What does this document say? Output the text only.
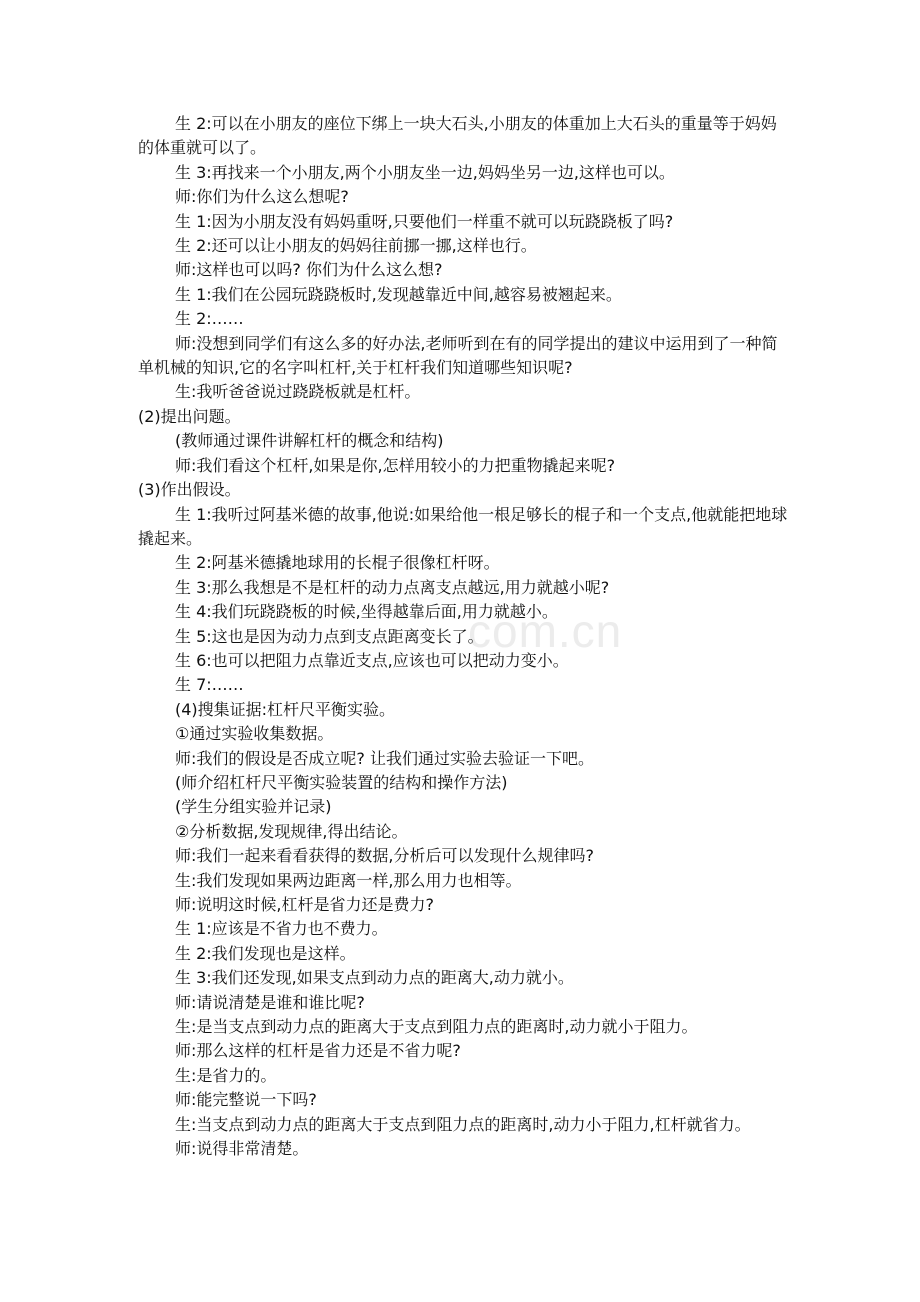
com.cn

生 2:可以在小朋友的座位下绑上一块大石头,小朋友的体重加上大石头的重量等于妈妈的体重就可以了。

生 3:再找来一个小朋友,两个小朋友坐一边,妈妈坐另一边,这样也可以。

师:你们为什么这么想呢?

生 1:因为小朋友没有妈妈重呀,只要他们一样重不就可以玩跷跷板了吗?

生 2:还可以让小朋友的妈妈往前挪一挪,这样也行。

师:这样也可以吗? 你们为什么这么想?

生 1:我们在公园玩跷跷板时,发现越靠近中间,越容易被翘起来。

生 2:……

师:没想到同学们有这么多的好办法,老师听到在有的同学提出的建议中运用到了一种简单机械的知识,它的名字叫杠杆,关于杠杆我们知道哪些知识呢?

生:我听爸爸说过跷跷板就是杠杆。

(2)提出问题。

(教师通过课件讲解杠杆的概念和结构)

师:我们看这个杠杆,如果是你,怎样用较小的力把重物撬起来呢?

(3)作出假设。

生 1:我听过阿基米德的故事,他说:如果给他一根足够长的棍子和一个支点,他就能把地球撬起来。

生 2:阿基米德撬地球用的长棍子很像杠杆呀。

生 3:那么我想是不是杠杆的动力点离支点越远,用力就越小呢?

生 4:我们玩跷跷板的时候,坐得越靠后面,用力就越小。

生 5:这也是因为动力点到支点距离变长了。

生 6:也可以把阻力点靠近支点,应该也可以把动力变小。

生 7:……

(4)搜集证据:杠杆尺平衡实验。

①通过实验收集数据。

师:我们的假设是否成立呢? 让我们通过实验去验证一下吧。

(师介绍杠杆尺平衡实验装置的结构和操作方法)

(学生分组实验并记录)

②分析数据,发现规律,得出结论。

师:我们一起来看看获得的数据,分析后可以发现什么规律吗?

生:我们发现如果两边距离一样,那么用力也相等。

师:说明这时候,杠杆是省力还是费力?

生 1:应该是不省力也不费力。

生 2:我们发现也是这样。

生 3:我们还发现,如果支点到动力点的距离大,动力就小。

师:请说清楚是谁和谁比呢?

生:是当支点到动力点的距离大于支点到阻力点的距离时,动力就小于阻力。

师:那么这样的杠杆是省力还是不省力呢?

生:是省力的。

师:能完整说一下吗?

生:当支点到动力点的距离大于支点到阻力点的距离时,动力小于阻力,杠杆就省力。

师:说得非常清楚。
